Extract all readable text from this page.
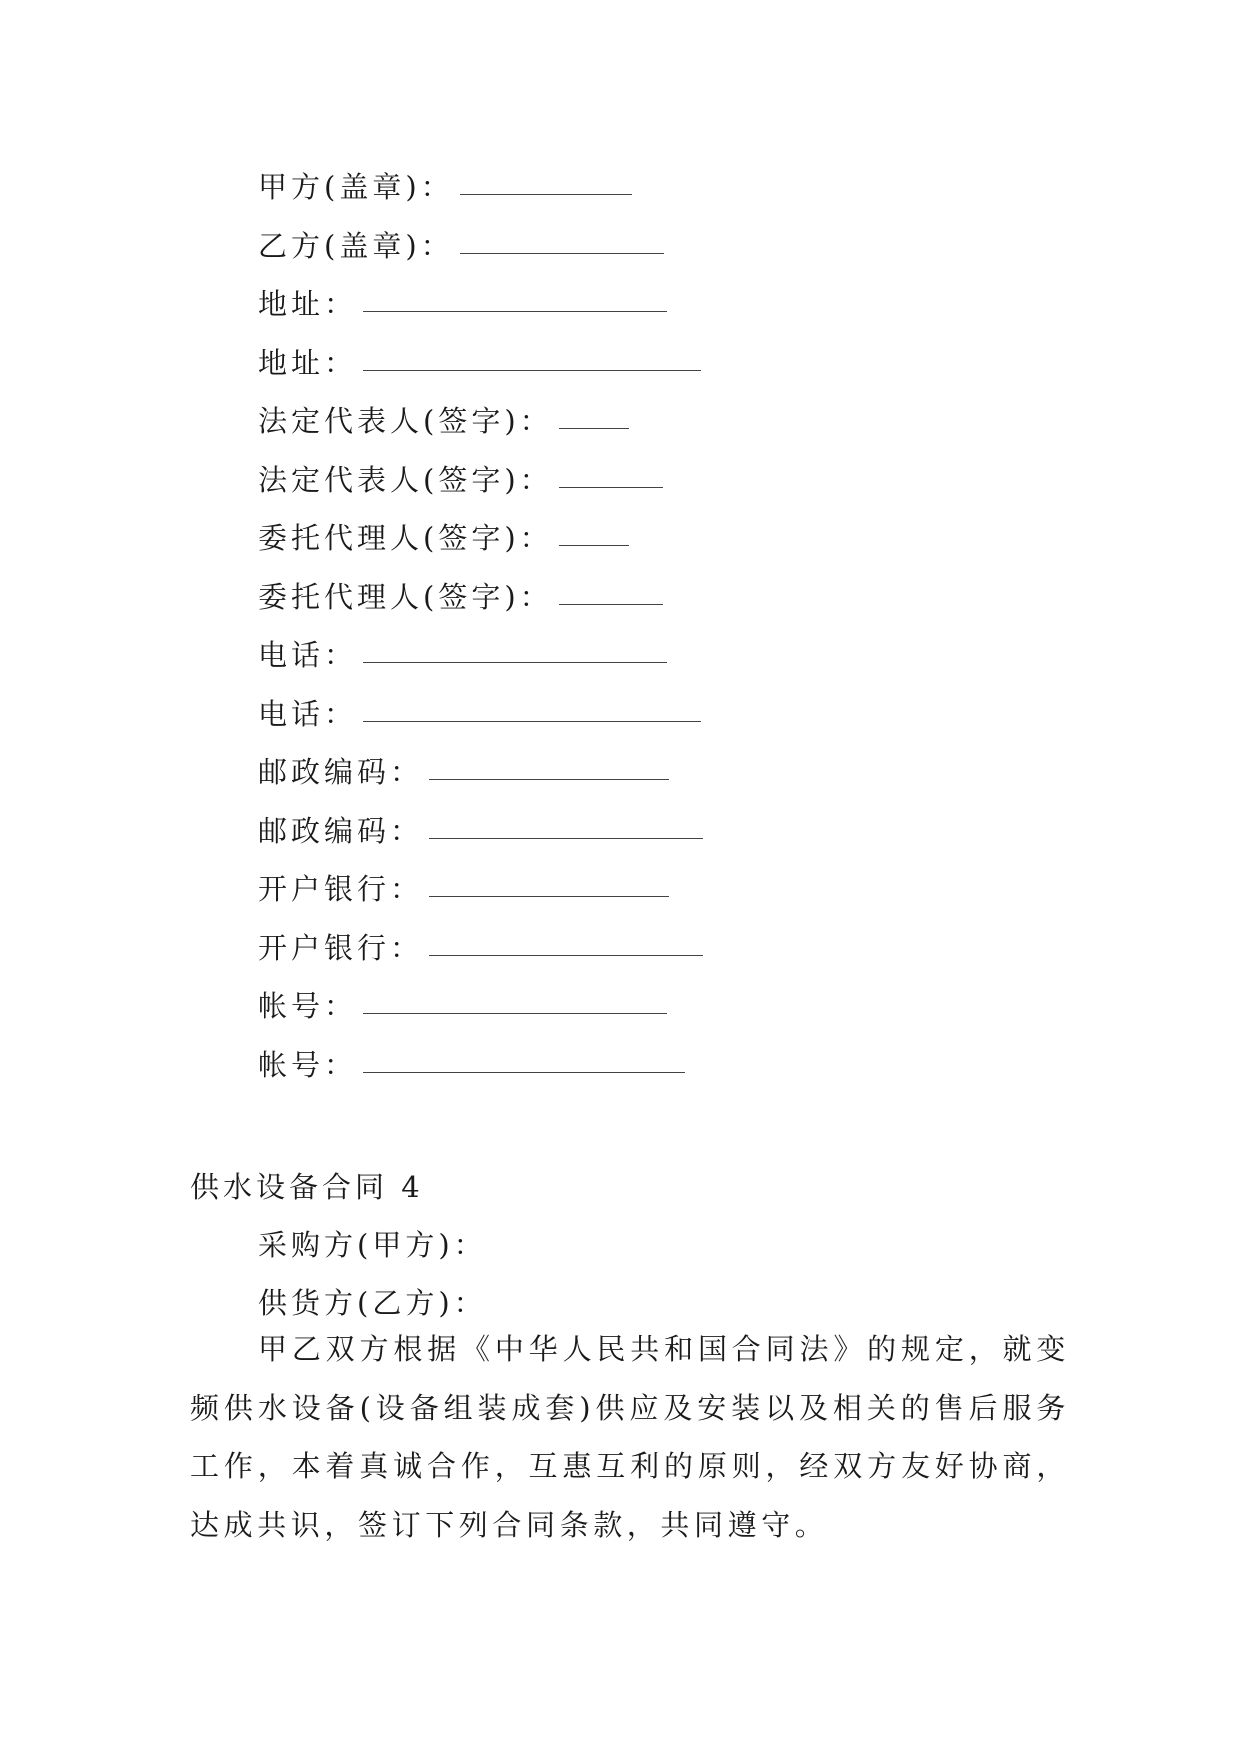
甲方(盖章)：
乙方(盖章)：
地址：
地址：
法定代表人(签字)：
法定代表人(签字)：
委托代理人(签字)：
委托代理人(签字)：
电话：
电话：
邮政编码：
邮政编码：
开户银行：
开户银行：
帐号：
帐号：
供水设备合同 4

采购方(甲方)：

供货方(乙方)：

甲乙双方根据《中华人民共和国合同法》的规定，就变频供水设备(设备组装成套)供应及安装以及相关的售后服务工作，本着真诚合作，互惠互利的原则，经双方友好协商，达成共识，签订下列合同条款，共同遵守。
